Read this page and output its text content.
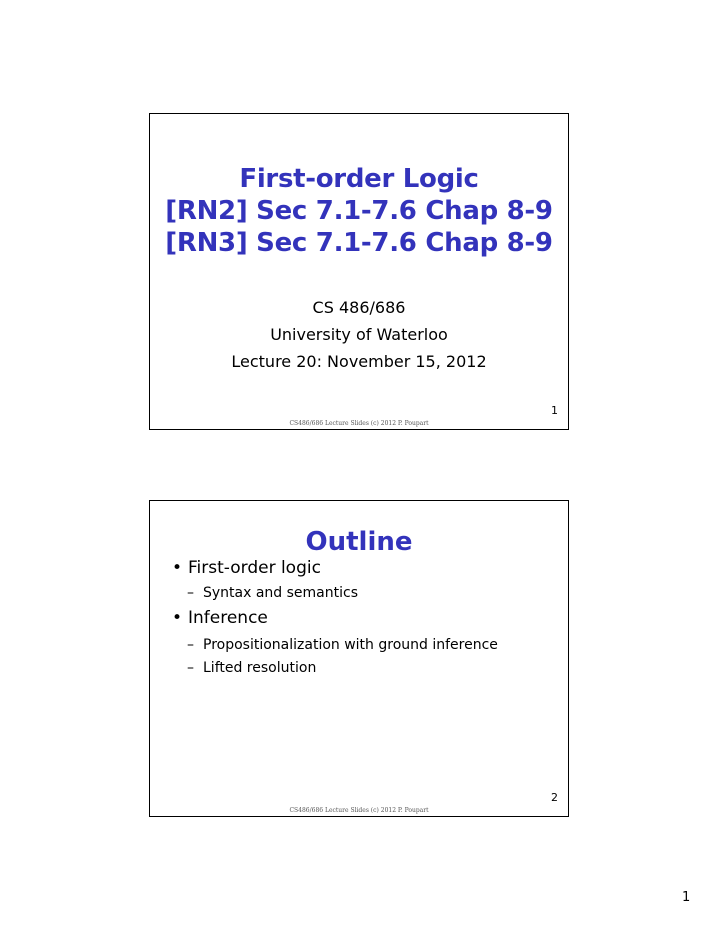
First-order Logic
[RN2] Sec 7.1-7.6 Chap 8-9
[RN3] Sec 7.1-7.6 Chap 8-9
CS 486/686
University of Waterloo
Lecture 20: November 15, 2012
1
CS486/686 Lecture Slides (c) 2012 P. Poupart
Outline
• First-order logic
– Syntax and semantics
• Inference
– Propositionalization with ground inference
– Lifted resolution
2
CS486/686 Lecture Slides (c) 2012 P. Poupart
1
